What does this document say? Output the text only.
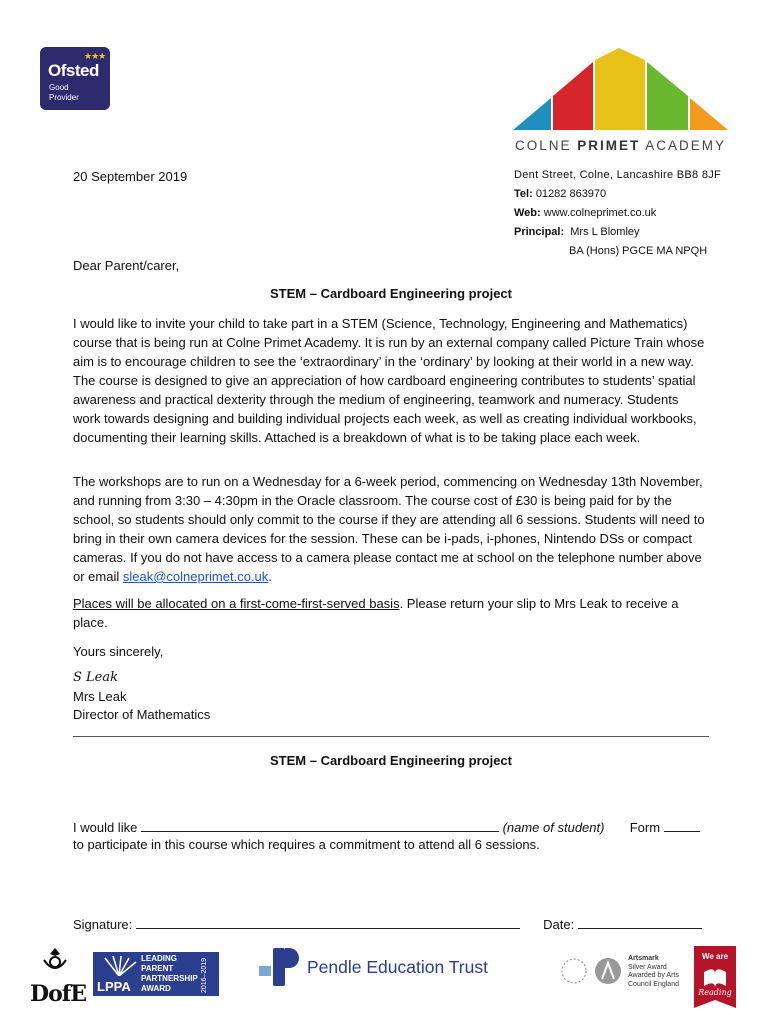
★★★
Ofsted
Good
Provider
COLNE PRIMET ACADEMY
20 September 2019	Dent Street, Colne, Lancashire BB8 8JF
Tel: 01282 863970
Web: www.colneprimet.co.uk
Principal: Mrs L Blomley
BA (Hons) PGCE MA NPQH
Dear Parent/carer,
STEM – Cardboard Engineering project
I would like to invite your child to take part in a STEM (Science, Technology, Engineering and Mathematics) course that is being run at Colne Primet Academy. It is run by an external company called Picture Train whose aim is to encourage children to see the ‘extraordinary’ in the ‘ordinary’ by looking at their world in a new way. The course is designed to give an appreciation of how cardboard engineering contributes to students’ spatial awareness and practical dexterity through the medium of engineering, teamwork and numeracy. Students work towards designing and building individual projects each week, as well as creating individual workbooks, documenting their learning skills. Attached is a breakdown of what is to be taking place each week.
The workshops are to run on a Wednesday for a 6-week period, commencing on Wednesday 13th November, and running from 3:30 – 4:30pm in the Oracle classroom. The course cost of £30 is being paid for by the school, so students should only commit to the course if they are attending all 6 sessions. Students will need to bring in their own camera devices for the session. These can be i-pads, i-phones, Nintendo DSs or compact cameras. If you do not have access to a camera please contact me at school on the telephone number above or email sleak@colneprimet.co.uk.
Places will be allocated on a first-come-first-served basis. Please return your slip to Mrs Leak to receive a place.
Yours sincerely,
S Leak
Mrs Leak
Director of Mathematics
STEM – Cardboard Engineering project
I would like	(name of student) Form
to participate in this course which requires a commitment to attend all 6 sessions.
Signature:	Date:
DofE LPPA
LEADING
PARENT
PARTNERSHIP
AWARD	2016–2019	Pendle Education Trust	Artsmark
Silver Award
Awarded by Arts
Council England
We are
Reading
